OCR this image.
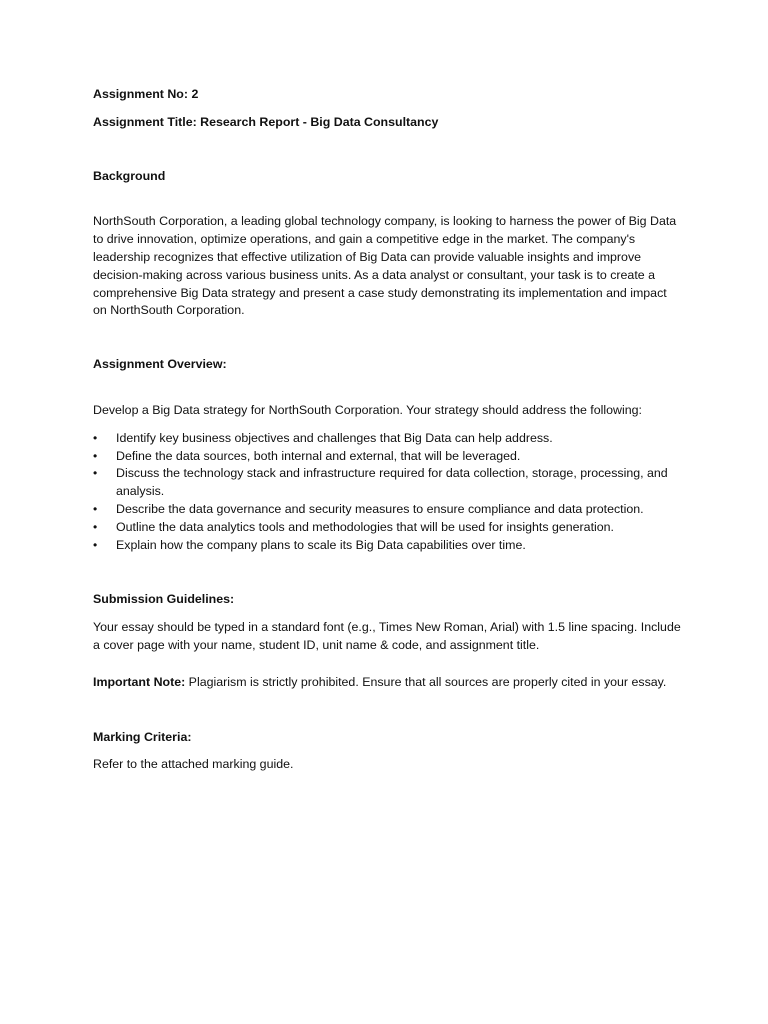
Assignment No: 2

Assignment Title: Research Report - Big Data Consultancy

Background

NorthSouth Corporation, a leading global technology company, is looking to harness the power of Big Data to drive innovation, optimize operations, and gain a competitive edge in the market. The company's leadership recognizes that effective utilization of Big Data can provide valuable insights and improve decision-making across various business units. As a data analyst or consultant, your task is to create a comprehensive Big Data strategy and present a case study demonstrating its implementation and impact on NorthSouth Corporation.

Assignment Overview:

Develop a Big Data strategy for NorthSouth Corporation. Your strategy should address the following:

• Identify key business objectives and challenges that Big Data can help address.
• Define the data sources, both internal and external, that will be leveraged.
• Discuss the technology stack and infrastructure required for data collection, storage, processing, and analysis.
• Describe the data governance and security measures to ensure compliance and data protection.
• Outline the data analytics tools and methodologies that will be used for insights generation.
• Explain how the company plans to scale its Big Data capabilities over time.

Submission Guidelines:

Your essay should be typed in a standard font (e.g., Times New Roman, Arial) with 1.5 line spacing. Include a cover page with your name, student ID, unit name & code, and assignment title.

Important Note: Plagiarism is strictly prohibited. Ensure that all sources are properly cited in your essay.

Marking Criteria:

Refer to the attached marking guide.
